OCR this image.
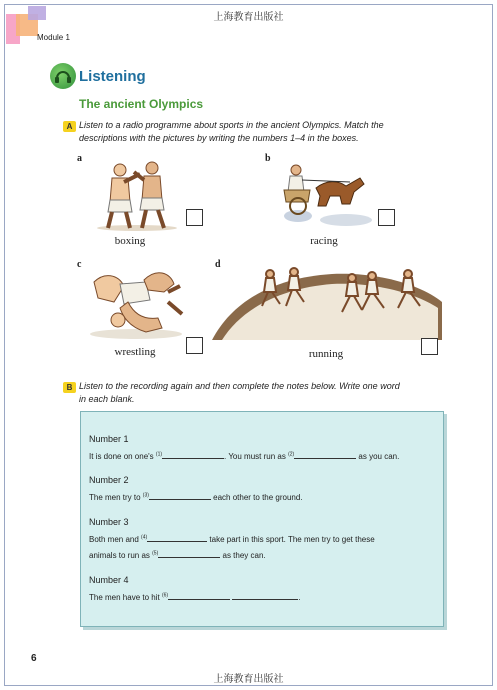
上海教育出版社
Module 1
Listening
The ancient Olympics
A Listen to a radio programme about sports in the ancient Olympics. Match the
descriptions with the pictures by writing the numbers 1–4 in the boxes.
a
boxing
b
racing
c
wrestling
d
running
B Listen to the recording again and then complete the notes below. Write one word
in each blank.
Number 1
It is done on one's $^{(1)}$	. You must run as $^{(2)}$	as you can.
Number 2
The men try to $^{(3)}$	each other to the ground.
Number 3
Both men and $^{(4)}$	take part in this sport. The men try to get these
animals to run as $^{(5)}$	as they can.
Number 4
The men have to hit $^{(6)}$	.
6
上海教育出版社
